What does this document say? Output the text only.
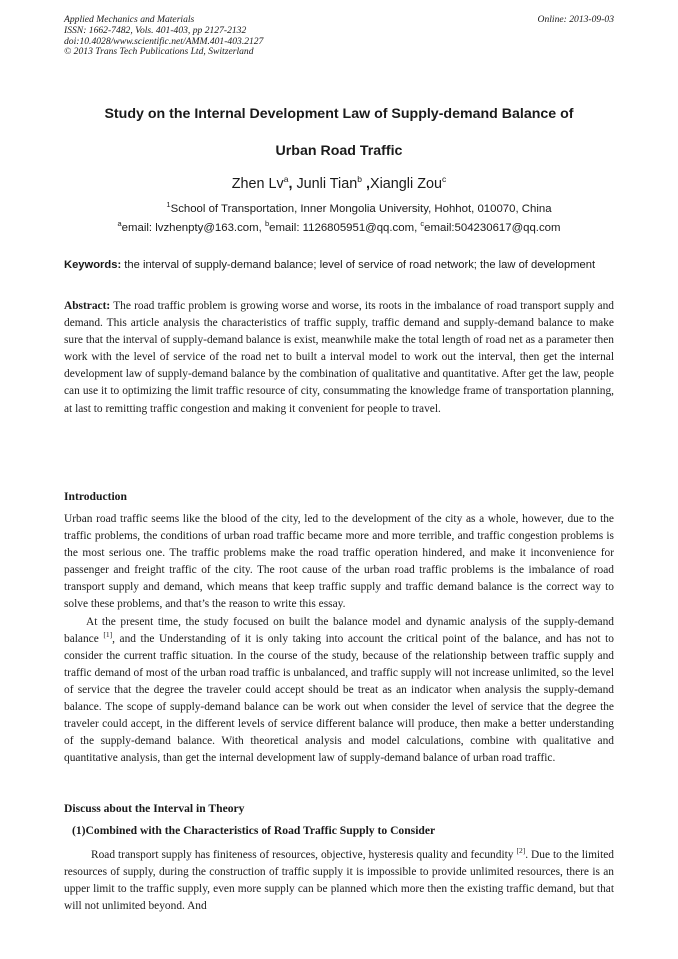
Applied Mechanics and Materials
ISSN: 1662-7482, Vols. 401-403, pp 2127-2132
doi:10.4028/www.scientific.net/AMM.401-403.2127
© 2013 Trans Tech Publications Ltd, Switzerland
Online: 2013-09-03
Study on the Internal Development Law of Supply-demand Balance of
Urban Road Traffic
Zhen Lv$^a$, Junli Tian$^b$ ,Xiangli Zou$^c$
$^1$School of Transportation, Inner Mongolia University, Hohhot, 010070, China
$^a$email: lvzhenpty@163.com, $^b$email: 1126805951@qq.com, $^c$email:504230617@qq.com
Keywords: the interval of supply-demand balance; level of service of road network; the law of development

Abstract: The road traffic problem is growing worse and worse, its roots in the imbalance of road transport supply and demand. This article analysis the characteristics of traffic supply, traffic demand and supply-demand balance to make sure that the interval of supply-demand balance is exist, meanwhile make the total length of road net as a parameter then work with the level of service of the road net to built a interval model to work out the interval, then get the internal development law of supply-demand balance by the combination of qualitative and quantitative. After get the law, people can use it to optimizing the limit traffic resource of city, consummating the knowledge frame of transportation planning, at last to remitting traffic congestion and making it convenient for people to travel.

Introduction

Urban road traffic seems like the blood of the city, led to the development of the city as a whole, however, due to the traffic problems, the conditions of urban road traffic became more and more terrible, and traffic congestion problems is the most serious one. The traffic problems make the road traffic operation hindered, and make it inconvenience for passenger and freight traffic of the city. The root cause of the urban road traffic problems is the imbalance of road transport supply and demand, which means that keep traffic supply and traffic demand balance is the correct way to solve these problems, and that’s the reason to write this essay.

At the present time, the study focused on built the balance model and dynamic analysis of the supply-demand balance [1], and the Understanding of it is only taking into account the critical point of the balance, and has not to consider the current traffic situation. In the course of the study, because of the relationship between traffic supply and traffic demand of most of the urban road traffic is unbalanced, and traffic supply will not increase unlimited, so the level of service that the degree the traveler could accept should be treat as an indicator when analysis the supply-demand balance. The scope of supply-demand balance can be work out when consider the level of service that the degree the traveler could accept, in the different levels of service different balance will produce, then make a better understanding of the supply-demand balance. With theoretical analysis and model calculations, combine with qualitative and quantitative analysis, than get the internal development law of supply-demand balance of urban road traffic.

Discuss about the Interval in Theory
(1)Combined with the Characteristics of Road Traffic Supply to Consider

Road transport supply has finiteness of resources, objective, hysteresis quality and fecundity [2]. Due to the limited resources of supply, during the construction of traffic supply it is impossible to provide unlimited resources, there is an upper limit to the traffic supply, even more supply can be planned which more then the existing traffic demand, but that will not unlimited beyond. And
